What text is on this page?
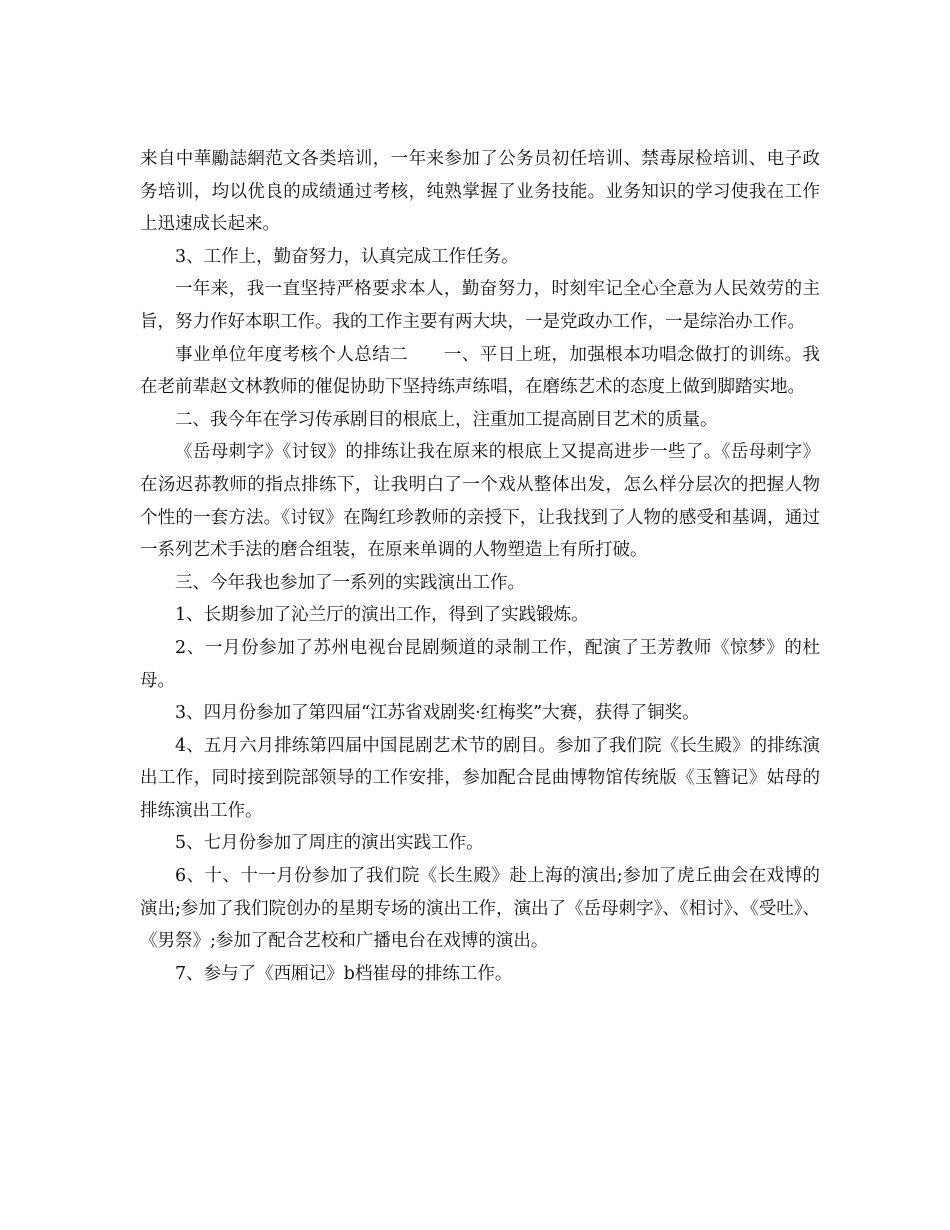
来自中華勵誌網范文各类培训，一年来参加了公务员初任培训、禁毒尿检培训、电子政务培训，均以优良的成绩通过考核，纯熟掌握了业务技能。业务知识的学习使我在工作上迅速成长起来。

3、工作上，勤奋努力，认真完成工作任务。

一年来，我一直坚持严格要求本人，勤奋努力，时刻牢记全心全意为人民效劳的主旨，努力作好本职工作。我的工作主要有两大块，一是党政办工作，一是综治办工作。

事业单位年度考核个人总结二　　一、平日上班，加强根本功唱念做打的训练。我在老前辈赵文林教师的催促协助下坚持练声练唱，在磨练艺术的态度上做到脚踏实地。

二、我今年在学习传承剧目的根底上，注重加工提高剧目艺术的质量。

《岳母刺字》《讨钗》的排练让我在原来的根底上又提高进步一些了。《岳母刺字》在汤迟荪教师的指点排练下，让我明白了一个戏从整体出发，怎么样分层次的把握人物个性的一套方法。《讨钗》在陶红珍教师的亲授下，让我找到了人物的感受和基调，通过一系列艺术手法的磨合组装，在原来单调的人物塑造上有所打破。

三、今年我也参加了一系列的实践演出工作。

1、长期参加了沁兰厅的演出工作，得到了实践锻炼。

2、一月份参加了苏州电视台昆剧频道的录制工作，配演了王芳教师《惊梦》的杜母。

3、四月份参加了第四届“江苏省戏剧奖·红梅奖”大赛，获得了铜奖。

4、五月六月排练第四届中国昆剧艺术节的剧目。参加了我们院《长生殿》的排练演出工作，同时接到院部领导的工作安排，参加配合昆曲博物馆传统版《玉簪记》姑母的排练演出工作。

5、七月份参加了周庄的演出实践工作。

6、十、十一月份参加了我们院《长生殿》赴上海的演出;参加了虎丘曲会在戏博的演出;参加了我们院创办的星期专场的演出工作，演出了《岳母刺字》、《相讨》、《受吐》、《男祭》;参加了配合艺校和广播电台在戏博的演出。

7、参与了《西厢记》b档崔母的排练工作。
